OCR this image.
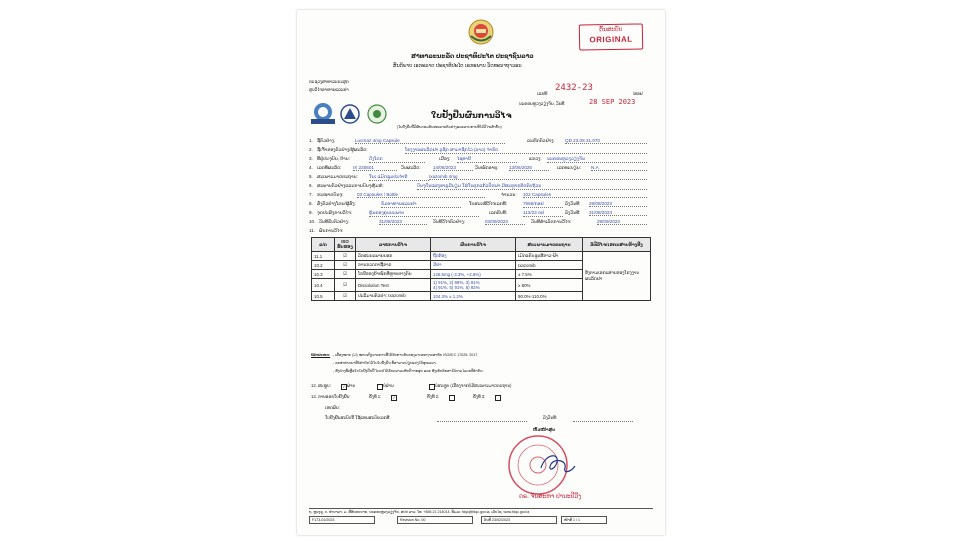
ຕົ້ນສະບັບ
ORIGINAL
ສາທາລະນະລັດ ປະຊາທິປະໄຕ ປະຊາຊົນລາວ
ສັນຕິພາບ ເອກະລາດ ປະຊາທິປະໄຕ ເອກະພາບ ວັດທະນາຖາວອນ
ກະຊວງສາທາລະນະສຸກ
ສູນວິໄຈອາຫານແລະຢາ
ເລກທີ:
2432-23
/ສອຢ
ນະຄອນຫຼວງວຽງຈັນ, ວັນທີ:	28 SEP 2023
ໃບຢັ້ງຢືນຜົນການວິໄຈ
(ໃບຢັ້ງຢືນນີ້ມີຜົນຍອມຮັບສະເພາະຕົວຢ່າງແລະລາຍການທີ່ໄດ້ວິໄຈເທົ່ານັ້ນ)
1. ຊື່ຕົວຢ່າງ:	LuciXaz 4mg Capsule	ລະຫັດຕົວຢ່າງ: QD.23.08.31.070
2. ຊື່ເຈົ້າຂອງຕົວຢ່າງ/ຜູ້ຜະລິດ:	ໂຮງງານຜະລິດຢາ ລູຊິດ ສາມາຊິກໄວ (ລາວ) ຈຳກັດ
3. ທີ່ຢູ່ປະຈຸບັນ, ບ້ານ:	ດົງໂດກ	ເມືອງ: ໄຊທານີ	ແຂວງ: ນະຄອນຫຼວງວຽງຈັນ
4. ເລກທີຜະລິດ:	IX 230601	ວັນຜະລິດ:	14/06/2023	ວັນໝົດອາຍຸ: 13/06/2025	ເລກທະບຽນ: N.A
5. ສະເພາະມາດຕະຖານ: ໃນເ ແມັດຊຸມປະຈຳນີ	Ixazomib 4mg
6. ສະພາບຕົວຢ່າງແລະການບັນຈຸຫຸ້ມຫໍ່:	ບັນຈຸໃນແຜງອາລູມີນຽມ ໃສ່ໃນຕຸກແກ້ວປິດຝາ ມີສະຫຼາກຕິດຄົບຖ້ວນ
7. ຂະໜາດບັນຈຸ:	03 Capsules / Bottle	ຈຳນວນ: 102 Capsules
8. ສົ່ງຕົວຢ່າງໂດຍ/ຜູ້ສົ່ງ:	ກົມອາຫານແລະຢາ	ໃບສະເໜີວິໄຈເລກທີ:	7656/ກອຢ	ລົງວັນທີ: 28/08/2023
9. ຈຸດປະສົງການວິໄຈ:	ຄຸ້ມຄອງຄຸນນະພາບ	ເລກຮັບທີ:	113/23 ດຢ	ລົງວັນທີ: 31/08/2023
10. ວັນທີຮັບຕົວຢ່າງ:	31/08/2023	ວັນທີວິໄຈຕົວຢ່າງ:	03/09/2023	ວັນທີສຳເລັດການວິໄຈ:	29/09/2023
11. ຜົນການວິໄຈ:
ລ/ດ	ISO ຮັບຮອງ	ລາຍການວິໄຈ	ຜົນການວິໄຈ	ສະເພາະມາດຕະຖານ	ວິທີວິໄຈ/ເອກະສານອ້າງອີງ
11.1	☑	ລັກສະນະພາຍນອກ	ຖືກຕ້ອງ	ເມັດແຄັບຊູນສີຂາວ-ຟ້າ	ອີງຕາມເອກະສານຂອງໂຮງງານຜະລິດຢາ
10.2	☑	ການກວດກາຊີ້ຂາດ	ມີຢາ	Ixazomib	
10.3	☑	ໂກນີ່ຂອງນ້ຳໜັກທີ່ຫຼາຍຕາງກັນ	126.5mg (-3.3%, +2.8%)	± 7.5%	
10.4	☑	Dissolution Test	1) 91%, 2) 89%, 3) 91%
4) 91%, 5) 91%, 6) 92%	≥ 80%	
10.5	☑	ປະລິມານຕົວຢາ: Ixazomib	104.3% ± 1.2%	90.0%-110.0%	
ໝາຍເຫດ: - ເຄື່ອງໝາຍ (☑) ໝາຍເຖິງລາຍການທີ່ໄດ້ຮັບການຮັບຮອງມາດຕະຖານສາກົນ ISO/IEC 17025: 2017.
- ກະທ່າທ່າຍຍາທີ່ບໍ່ກຳນົດໄວ້ໃນໃບຢັ້ງຢືນ ທີ່ສາມາດປ່ຽນແປງໄດ້ທຸກເວລາ.
- ສົ່ງຢ່າງທີ່ເຫຼືອໃນໃບຢັ້ງຢືນນີ້ ໂດຍບໍ່ໄດ້ຮັບຄວາມເຫັນດີຈາກສູນ ແລະ ສົ່ງເກັບຮັກສາໄວ້ຕາມໄລຍະທີ່ກຳນົດ.
12. ສະຫຼຸບ:	✓ ຜ່ານ	ບໍ່ຜ່ານ	ບໍ່ສະຫຼຸບ (ເນື່ອງຈາກບໍ່ມີສະເພາະມາດຕະຖານ)
13. ການອອກໃບຢັ້ງຢືນ:	ຄັ້ງທີ 1:	✓	ຄັ້ງທີ 2:	ຄັ້ງທີ 3:
ເຫດຜົນ:
ໃບຢັ້ງຢືນສະບັບນີ້ ໃຊ້ແທນສະບັບເລກທີ:	ລົງວັນທີ:
ຫົວໜ້າສູນ
ດຣ. ຈັນສະຫາ ປານະປີວີງ
ຖ. ຫຼວງຊູ, ບ. ທ່ານາລາ, ມ. ສີສັດຕະນາກ, ນະຄອນຫຼວງວຽງຈັນ, ສປປ ລາວ. ໂທ: +856 21 214014. ອີເມວ: fdqc@fdqc.gov.la, ເວັບໄຊ: www.fdqc.gov.la
F173-01/2023	Revision No. 00	ວັນທີ 23/02/2023	ໜ້າທີ 1 / 1
